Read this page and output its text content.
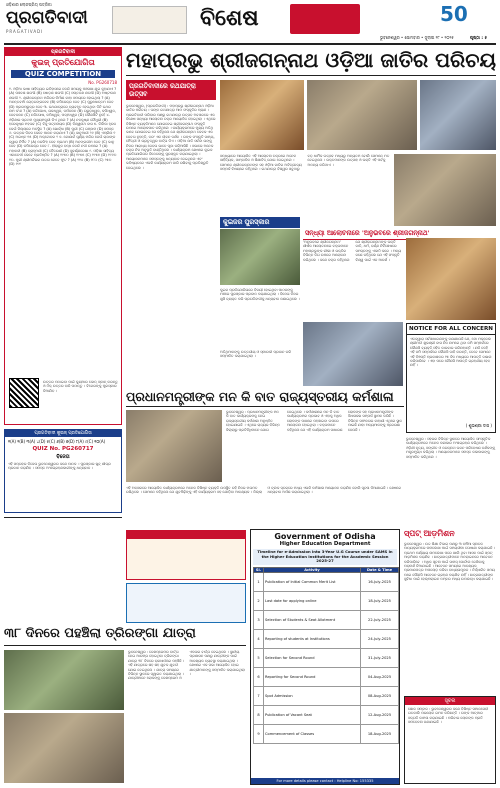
ଓଡ଼ିଶାର ଲୋକପ୍ରିୟ ପତ୍ରିକା
ପ୍ରଗତିବାଦୀ
PRAGATIVADI
ବିଶେଷ	50
ଭୁବନେଶ୍ୱର • ସୋମବାର • ଜୁଲାଇ ୨୮ • ୨୦୨୫	ପୃଷ୍ଠା : ୫
ପ୍ରଗତିବାଦୀ
କୁଇଜ୍ ପ୍ରତିଯୋଗିତା
QUIZ COMPETITION
No. PG260718
୧. ଓଡ଼ିଆ ଭାଷା ସାହିତ୍ୟର ଇତିହାସରେ କେଉଁ ସମୟକୁ ପଞ୍ଚସଖା ଯୁଗ କୁହାଯାଏ ? (A) ପଞ୍ଚଦଶ ଶତାବ୍ଦୀ (B) ଷୋଡ଼ଶ ଶତାବ୍ଦୀ (C) ସପ୍ତଦଶ ଶତାବ୍ଦୀ (D) ଅଷ୍ଟାଦଶ ଶତାବ୍ଦୀ ୨. ଶ୍ରୀଜଗନ୍ନାଥ ମନ୍ଦିରର ନିର୍ମାଣ କାହା ସମୟରେ ହୋଇଥିଲା ? (A) ଅନନ୍ତବର୍ମା ଚୋଡ଼ଗଙ୍ଗଦେବ (B) କପିଳେନ୍ଦ୍ର ଦେବ (C) ପୁରୁଷୋତ୍ତମ ଦେବ (D) ପ୍ରତାପରୁଦ୍ର ଦେବ ୩. ରଥଯାତ୍ରାରେ ବ୍ୟବହୃତ ହେଉଥିବା ତିନି ରଥର ନାମ କ'ଣ ? (A) ନନ୍ଦିଘୋଷ, ତାଳଧ୍ୱଜ, ଦର୍ପଦଳନ (B) ଗରୁଡ଼ଧ୍ୱଜ, କପିଧ୍ୱଜ, ଦେବଦଳନ (C) ନନ୍ଦିଘୋଷ, କପିଧ୍ୱଜ, ପଦ୍ମଧ୍ୱଜ (D) କୌଣସିଟି ନୁହେଁ ୪. ଓଡ଼ିଶାର ପ୍ରଥମ ମୁଖ୍ୟମନ୍ତ୍ରୀ କିଏ ଥିଲେ ? (A) ନବକୃଷ୍ଣ ଚୌଧୁରୀ (B) ହରେକୃଷ୍ଣ ମହତାବ (C) ବିଜୁ ପଟ୍ଟନାୟକ (D) ବିଶ୍ୱନାଥ ଦାସ ୫. ଚିଲିକା ହ୍ରଦ କେଉଁ ଜିଲ୍ଲାରେ ଅବସ୍ଥିତ ? (A) ଖୋର୍ଦ୍ଧା (B) ପୁରୀ (C) ଗଞ୍ଜାମ (D) ସମସ୍ତ ୬. ଉତ୍କଳ ଦିବସ କେବେ ପାଳନ କରାଯାଏ ? (A) ଜାନୁଆରୀ ୨୬ (B) ଏପ୍ରିଲ ୧ (C) ଅଗଷ୍ଟ ୧୫ (D) ଅକ୍ଟୋବର ୨ ୭. କୋଣାର୍କ ସୂର୍ଯ୍ୟ ମନ୍ଦିର କେଉଁ ରାଜାଙ୍କ ଦ୍ୱାରା ନିର୍ମିତ ? (A) ନରସିଂହ ଦେବ ପ୍ରଥମ (B) ଅନଙ୍ଗଭୀମ ଦେବ (C) ଭାନୁ ଦେବ (D) କପିଳେନ୍ଦ୍ର ଦେବ ୮. ହୀରାକୁଦ ବନ୍ଧ କେଉଁ ନଦୀ ଉପରେ ? (A) ମହାନଦୀ (B) ବ୍ରାହ୍ମଣୀ (C) ବୈତରଣୀ (D) ସୁବର୍ଣ୍ଣରେଖା ୯. ଓଡ଼ିଶା ସାହିତ୍ୟ ଏକାଡେମୀ କେବେ ପ୍ରତିଷ୍ଠିତ ? (A) ୧୯୫୦ (B) ୧୯୫୫ (C) ୧୯୫୭ (D) ୧୯୬୦ ୧୦. ପୁରୀ ଶ୍ରୀମନ୍ଦିରର ଉଚ୍ଚତା କେତେ ଫୁଟ ? (A) ୨୧୪ (B) ୧୮୦ (C) ୨୫୦ (D) ୧୯୯
ଉତ୍ତର ପଠାଇବା ପାଇଁ କ୍ୟୁଆର କୋଡ୍ ସ୍କାନ୍ କରନ୍ତୁ ଓ ଠିକ୍ ଉତ୍ତର ବାଛି ପଠାନ୍ତୁ । ବିଜେତାଙ୍କୁ ପୁରସ୍କାର ଦିଆଯିବ ।
ପ୍ରଗତିବାଦୀ କୁଇଜ୍ ପ୍ରତିଯୋଗିତା
୧(A) ୨(B) ୩(A) ୪(D) ୫(C) ୬(B) ୭(D) ୮(A) ୯(C) ୧୦(A)
QUIZ No. PG260717
ବିଜେତା
ଏହି ସପ୍ତାହର ବିଜେତା ଭୁବନେଶ୍ୱରର ଜଣେ ପାଠକ । ପୁରସ୍କାର ଖୁବ୍ ଶୀଘ୍ର ପ୍ରଦାନ କରାଯିବ । ସମସ୍ତ ଅଂଶଗ୍ରହଣକାରୀଙ୍କୁ ଧନ୍ୟବାଦ ।
ମହାପ୍ରଭୁ ଶ୍ରୀଜଗନ୍ନାଥ ଓଡ଼ିଆ ଜାତିର ପରିଚୟ
ପ୍ରଗତିବାଦୀରେ ରଥଯାତ୍ରା ଉତ୍ସବ
ଭୁବନେଶ୍ୱର, (ପ୍ରଗତିବାଦୀ) : ମହାପ୍ରଭୁ ଶ୍ରୀଜଗନ୍ନାଥ ଓଡ଼ିଆ ଜାତିର ପରିଚୟ । ତାଙ୍କ ରଥଯାତ୍ରା ଆମ ସଂସ୍କୃତିର ପ୍ରାଣ । ପ୍ରଗତିବାଦୀ ପରିବାର ପକ୍ଷରୁ ରଥଯାତ୍ରା ଉତ୍ସବ ଅବସରରେ ଏକ ବିଶେଷ ସନ୍ଧ୍ୟା ଆଲୋଚନା ଚକ୍ର ଆୟୋଜିତ ହୋଇଥିଲା । ଏଥିରେ ବିଶିଷ୍ଟ ବ୍ୟକ୍ତିମାନେ ଯୋଗଦେଇ ଶ୍ରୀଜଗନ୍ନାଥ ସଂସ୍କୃତି ଉପରେ ଆଲୋକପାତ କରିଥିଲେ । କାର୍ଯ୍ୟକ୍ରମରେ ମୁଖ୍ୟ ଅତିଥି ଭାବେ ଯୋଗଦେଇ ସେ କହିଥିଲେ ଯେ ଶ୍ରୀଜଗନ୍ନାଥ କେବଳ ଏକ ଦେବତା ନୁହନ୍ତି, ବରଂ ଏକ ଜୀବନ ଦର୍ଶନ । ତାଙ୍କ ସଂସ୍କୃତି ସାମ୍ୟ, ମୈତ୍ରୀ ଓ ଭ୍ରାତୃତ୍ୱର ବାର୍ତ୍ତା ଦିଏ । ଓଡ଼ିଆ ଜାତି ସର୍ବଦା ତାଙ୍କୁ ନିଜର ଆରାଧ୍ୟ ଦେବତା ଭାବେ ପୂଜା କରିଆସିଛି । ସଭାରେ ଅନେକ ବକ୍ତା ନିଜ ଅନୁଭୂତି ବାଣ୍ଟିଥିଲେ । କାର୍ଯ୍ୟକ୍ରମ ଶେଷରେ କୁଇଜ ପ୍ରତିଯୋଗିତାର ବିଜେତାଙ୍କୁ ପୁରସ୍କୃତ କରାଯାଇଥିଲା । ଆୟୋଜକମାନେ ସମସ୍ତଙ୍କୁ ଧନ୍ୟବାଦ ଦେଇଥିଲେ ଏବଂ ଭବିଷ୍ୟତରେ ଏଭଳି କାର୍ଯ୍ୟକ୍ରମ ଜାରି ରଖିବାକୁ ପ୍ରତିଶ୍ରୁତି ଦେଇଥିଲେ ।
ସନ୍ଧ୍ୟାରେ ଆୟୋଜିତ ଏହି ଆଲୋଚନା ଚକ୍ରରେ ଅନେକ ସାହିତ୍ୟିକ, ସାମ୍ବାଦିକ ଓ ଶିକ୍ଷାବିତ୍ ଯୋଗ ଦେଇଥିଲେ । ସେମାନେ ଶ୍ରୀଜଗନ୍ନାଥଙ୍କ ସହ ଓଡ଼ିଆ ଜାତିର ଅବିଚ୍ଛେଦ୍ୟ ସମ୍ପର୍କ ବିଷୟରେ କହିଥିଲେ । ରଥଯାତ୍ରା ବିଶ୍ୱର ସବୁଠାରୁ ବଡ଼ ଧାର୍ମିକ ଉତ୍ସବ ମଧ୍ୟରୁ ଅନ୍ୟତମ ବୋଲି ସେମାନେ ମତ ଦେଇଥିଲେ । ଭକ୍ତମାନଙ୍କ ଉତ୍ସାହ ଓ ଭକ୍ତି ଏହି ପର୍ବକୁ ଅନନ୍ୟ କରିଥାଏ ।
କୁଇଜର ପୁରସ୍କାର
ସନ୍ଧ୍ୟା ଆଲୋଚନାରେ 'ଅନୁଭବରେ ଶ୍ରୀଜଗନ୍ନାଥ'
'ଅନୁଭବରେ ଶ୍ରୀଜଗନ୍ନାଥ' ଶୀର୍ଷକ ଆଲୋଚନାରେ ବକ୍ତାମାନେ ମହାପ୍ରଭୁଙ୍କ ଲୀଳା ଓ ଭକ୍ତିର ବିଭିନ୍ନ ଦିଗ ଉପରେ ଆଲୋଚନା କରିଥିଲେ । ଜଣେ ବକ୍ତା କହିଥିଲେ ଯେ ଶ୍ରୀଜଗନ୍ନାଥଙ୍କ ଭକ୍ତି ଜାତି, ଧର୍ମ, ବର୍ଣ୍ଣ ନିର୍ବିଶେଷରେ ସମସ୍ତଙ୍କୁ ଏକାଠି କରେ । ଅନ୍ୟ ଜଣେ କହିଥିଲେ ଯେ ଏହି ସଂସ୍କୃତି ବିଶ୍ୱ ପାଇଁ ଏକ ଆଦର୍ଶ ।
କୁଇଜ ପ୍ରତିଯୋଗିତାରେ ବିଜୟୀ ହୋଇଥିବା ପାଠକଙ୍କୁ ମଞ୍ଚରେ ପୁରସ୍କାର ପ୍ରଦାନ କରାଯାଇଥିଲା । ବିଜେତା ନିଜର ଖୁସି ବ୍ୟକ୍ତ କରି ପ୍ରଗତିବାଦୀକୁ ଧନ୍ୟବାଦ ଜଣାଇଥିଲେ ।
NOTICE FOR ALL CONCERN
ଏତଦ୍ୱାରା ସର୍ବସାଧାରଣଙ୍କୁ ଜଣାଯାଉଛି ଯେ, ମୋ ମକ୍କେଲ ଶ୍ରୀମତୀ ଶୁଭଶ୍ରୀ ଦାସ ନିଜ ନାମରେ ଥିବା ଜମି ସମ୍ପର୍କରେ କୌଣସି ବ୍ୟକ୍ତି ସହିତ କାରବାର କରିନାହାନ୍ତି । ଯଦି କେହି ଏହି ଜମି ସମ୍ପର୍କରେ କୌଣସି ଦାବି କରନ୍ତି, ତେବେ ସେମାନେ ଏହି ବିଜ୍ଞପ୍ତି ପ୍ରକାଶନର ୧୫ ଦିନ ମଧ୍ୟରେ ଆପତ୍ତି ଦାଖଲ କରିପାରିବେ । ଏହା ପରେ କୌଣସି ଆପତ୍ତି ଗ୍ରହଣୀୟ ହେବ ନାହିଁ ।
( ଶୁଭଶ୍ରୀ ଦାସ )
ଅତିଥିମାନଙ୍କୁ ଉତ୍ତରୀୟ ଓ ସ୍ମାରକୀ ପ୍ରଦାନ କରି ସମ୍ମାନିତ କରାଯାଇଥିଲା ।
ପ୍ରଧାନମନ୍ତ୍ରୀଙ୍କ ମନ କି ବାତ ରାଜ୍ୟସ୍ତରୀୟ କର୍ମଶାଳା
ଭୁବନେଶ୍ୱର : ପ୍ରଧାନମନ୍ତ୍ରୀଙ୍କ ମନ କି ବାତ କାର୍ଯ୍ୟକ୍ରମକୁ ନେଇ ରାଜ୍ୟସ୍ତରୀୟ କର୍ମଶାଳା ଅନୁଷ୍ଠିତ ହୋଇଯାଇଛି । ଏଥିରେ ରାଜ୍ୟର ବିଭିନ୍ନ ଜିଲ୍ଲାରୁ ପ୍ରତିନିଧିମାନେ ଯୋଗ ଦେଇଥିଲେ । କର୍ମଶାଳାରେ ମନ କି ବାତ କାର୍ଯ୍ୟକ୍ରମର ପ୍ରଭାବ ଓ ଏହାକୁ ଅଧିକ ଲୋକଙ୍କ ପାଖରେ ପହଞ୍ଚାଇବା ଉପରେ ଆଲୋଚନା ହୋଇଥିଲା । ବକ୍ତାମାନେ କହିଥିଲେ ଯେ ଏହି କାର୍ଯ୍ୟକ୍ରମ ସାଧାରଣ ଲୋକଙ୍କ ସହ ପ୍ରଧାନମନ୍ତ୍ରୀଙ୍କ ସିଧାସଳଖ ସମ୍ପର୍କ ସ୍ଥାପନ କରିଛି । ବିଭିନ୍ନ ସଫଳତାର କାହାଣୀ ଏଥିରେ ସ୍ଥାନ ପାଇଛି ଯାହା ଅନ୍ୟମାନଙ୍କୁ ପ୍ରେରଣା ଦେଉଛି ।
ଏହି ଅବସରରେ ଆୟୋଜିତ କାର୍ଯ୍ୟକ୍ରମରେ ଅନେକ ବିଶିଷ୍ଟ ବ୍ୟକ୍ତି ଉପସ୍ଥିତ ରହି ନିଜର ମତାମତ ରଖିଥିଲେ । ସେମାନେ କହିଥିଲେ ଯେ ଯୁବପିଢ଼ିଙ୍କୁ ଏହି କାର୍ଯ୍ୟକ୍ରମ ସହ ଯୋଡ଼ିବା ଆବଶ୍ୟକ । ଜିଲ୍ଲା ଓ ବ୍ଲକ ସ୍ତରରେ ମଧ୍ୟ ଏଭଳି କର୍ମଶାଳା ଆୟୋଜନ କରାଯିବ ବୋଲି ସୂଚନା ଦିଆଯାଇଛି । ଶେଷରେ ଧନ୍ୟବାଦ ଅର୍ପଣ କରାଯାଇଥିଲା ।
ଭୁବନେଶ୍ୱର : ସହରର ବିଭିନ୍ନ ସ୍ଥାନରେ ଆୟୋଜିତ ସାଂସ୍କୃତିକ କାର୍ଯ୍ୟକ୍ରମରେ ଅନେକ କଳାକାର ଅଂଶଗ୍ରହଣ କରିଥିଲେ । ଓଡ଼ିଶୀ ନୃତ୍ୟ, ସଙ୍ଗୀତ ଓ ଜଗନ୍ନାଥ ଭଜନ ପରିବେଷଣ ଦର୍ଶକଙ୍କୁ ମନ୍ତ୍ରମୁଗ୍ଧ କରିଥିଲା । ଆୟୋଜକମାନେ ସମସ୍ତ କଳାକାରଙ୍କୁ ସମ୍ମାନିତ କରିଥିଲେ ।
୩୮ ଦିନରେ ପହଞ୍ଚିଲା ତ୍ରିରଙ୍ଗା ଯାତ୍ରା
ଭୁବନେଶ୍ୱର : ଦେଶପ୍ରେମର ବାର୍ତ୍ତା ନେଇ ଆରମ୍ଭ ହୋଇଥିବା ତ୍ରିରଙ୍ଗା ଯାତ୍ରା ୩୮ ଦିନରେ ରାଜଧାନୀରେ ପହଞ୍ଚିଛି । ଏହି ଯାତ୍ରାରେ ଶହ ଶହ ଯୁବକ ଯୁବତୀ ଯୋଗ ଦେଇଥିଲେ । ଯାତ୍ରା ସମୟରେ ବିଭିନ୍ନ ସ୍ଥାନରେ ସ୍ୱାଗତ କରାଯାଇଥିଲା । ଯାତ୍ରୀମାନେ ଲୋକଙ୍କୁ ଦେଶପ୍ରେମ ଓ ଏକତାର ବାର୍ତ୍ତା ଦେଇଥିଲେ । ସ୍ଥାନୀୟ ପ୍ରଶାସନ ପକ୍ଷରୁ ଯାତ୍ରୀଙ୍କ ପାଇଁ ଆବଶ୍ୟକ ବ୍ୟବସ୍ଥା କରାଯାଇଥିଲା । ଶେଷରେ ଏକ ସଭା ଆୟୋଜିତ ହୋଇ ଯାତ୍ରୀମାନଙ୍କୁ ସମ୍ମାନିତ କରାଯାଇଥିଲା ।
Government of Odisha
Higher Education Department
Timeline for e-Admission into 3-Year U.G Course under SAMS in the Higher Education Institutions for the Academic Session 2025-27
Sl.	Activity	Date & Time
1	Publication of Initial Common Merit List	16-July-2025
2	Last date for applying online	18-July-2025
3	Selection of Students & Seat Allotment	22-July-2025
4	Reporting of students at Institutions	24-July-2025
5	Selection for Second Round	31-July-2025
6	Reporting for Second Round	04-Aug-2025
7	Spot Admission	08-Aug-2025
8	Publication of Vacant Seat	12-Aug-2025
9	Commencement of Classes	18-Aug-2025
For more details please contact : Helpline No: 155335
ସ୍ପଟ୍ ଆଡ଼ମିଶନ
ଭୁବନେଶ୍ୱର : ଉଚ୍ଚ ଶିକ୍ଷା ବିଭାଗ ପକ୍ଷରୁ ୩ ବର୍ଷିଆ ସ୍ନାତକ ପାଠ୍ୟକ୍ରମରେ ନାମଲେଖା ପାଇଁ ସମୟସୀମା ଘୋଷଣା କରାଯାଇଛି । ପ୍ରଥମ ପର୍ଯ୍ୟାୟ ନାମଲେଖା ପରେ ଖାଲି ଥିବା ଆସନ ପାଇଁ ସ୍ପଟ୍ ଆଡ଼ମିଶନ କରାଯିବ । ଛାତ୍ରଛାତ୍ରୀମାନେ ଅନଲାଇନରେ ଆବେଦନ କରିପାରିବେ । ଅଧିକ ସୂଚନା ପାଇଁ ସାମସ୍ ପୋର୍ଟାଲ ଦେଖିବାକୁ ପରାମର୍ଶ ଦିଆଯାଇଛି । ଆବେଦନ ସମୟରେ ଆବଶ୍ୟକ ପ୍ରମାଣପତ୍ର ଅପଲୋଡ଼ କରିବା ବାଧ୍ୟତାମୂଳକ । ନିର୍ଦ୍ଧାରିତ ସମୟ ପରେ କୌଣସି ଆବେଦନ ଗ୍ରହଣ କରାଯିବ ନାହିଁ । ଛାତ୍ରଛାତ୍ରୀଙ୍କ ସୁବିଧା ପାଇଁ ହେଲ୍ପଲାଇନ ନମ୍ବର ମଧ୍ୟ ଉପଲବ୍ଧ କରାଯାଇଛି ।
ସୂଚନା
ଶୋକ ସମ୍ବାଦ : ଭୁବନେଶ୍ୱରର ଜଣେ ବିଶିଷ୍ଟ ସମାଜସେବୀ ଗତକାଲି ପରଲୋକ ଗମନ କରିଛନ୍ତି । ତାଙ୍କ ଆତ୍ମାର ସଦ୍ଗତି କାମନା କରାଯାଇଛି । ପରିବାର ଲୋକଙ୍କ ପ୍ରତି ସମବେଦନା ଜଣାଯାଇଛି ।
